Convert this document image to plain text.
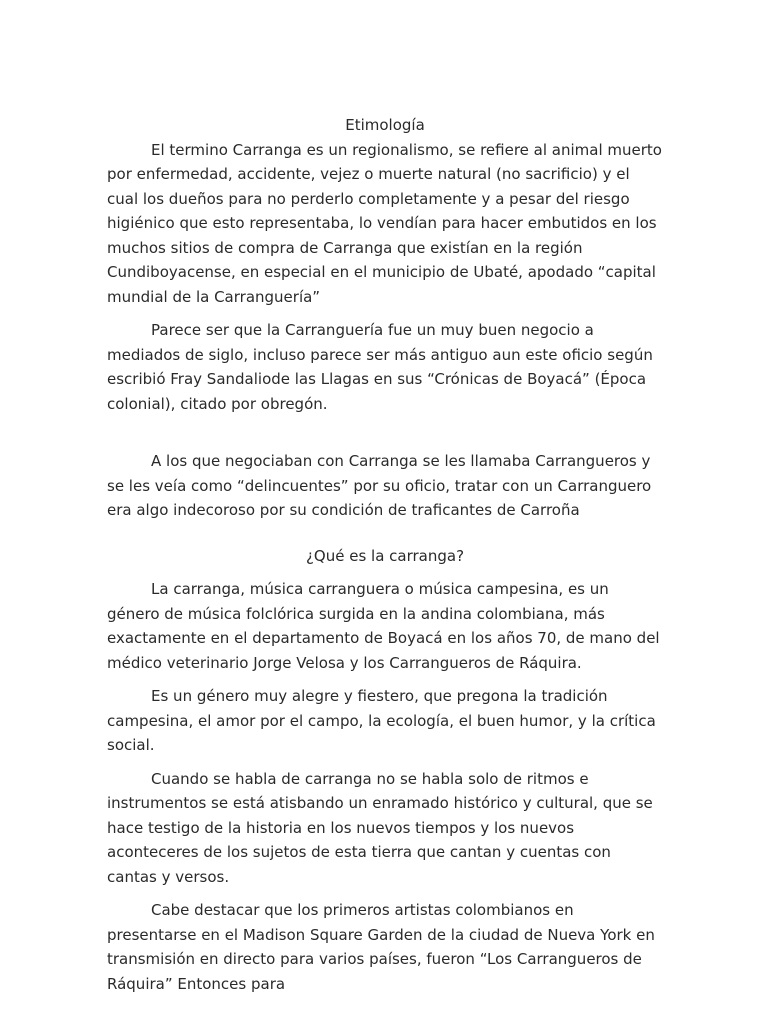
Etimología

El termino Carranga es un regionalismo, se refiere al animal muerto por enfermedad, accidente, vejez o muerte natural (no sacrificio) y el cual los dueños para no perderlo completamente y a pesar del riesgo higiénico que esto representaba, lo vendían para hacer embutidos en los muchos sitios de compra de Carranga que existían en la región Cundiboyacense, en especial en el municipio de Ubaté, apodado “capital mundial de la Carranguería”

Parece ser que la Carranguería fue un muy buen negocio a mediados de siglo, incluso parece ser más antiguo aun este oficio según escribió Fray Sandaliode las Llagas en sus “Crónicas de Boyacá” (Época colonial), citado por obregón.

A los que negociaban con Carranga se les llamaba Carrangueros y se les veía como “delincuentes” por su oficio, tratar con un Carranguero era algo indecoroso por su condición de traficantes de Carroña

¿Qué es la carranga?

La carranga, música carranguera o música campesina, es un género de música folclórica surgida en la andina colombiana, más exactamente en el departamento de Boyacá en los años 70, de mano del médico veterinario Jorge Velosa y los Carrangueros de Ráquira.

Es un género muy alegre y fiestero, que pregona la tradición campesina, el amor por el campo, la ecología, el buen humor, y la crítica social.

Cuando se habla de carranga no se habla solo de ritmos e instrumentos se está atisbando un enramado histórico y cultural, que se hace testigo de la historia en los nuevos tiempos y los nuevos aconteceres de los sujetos de esta tierra que cantan y cuentas con cantas y versos.

Cabe destacar que los primeros artistas colombianos en presentarse en el Madison Square Garden de la ciudad de Nueva York en transmisión en directo para varios países, fueron “Los Carrangueros de Ráquira” Entonces para
